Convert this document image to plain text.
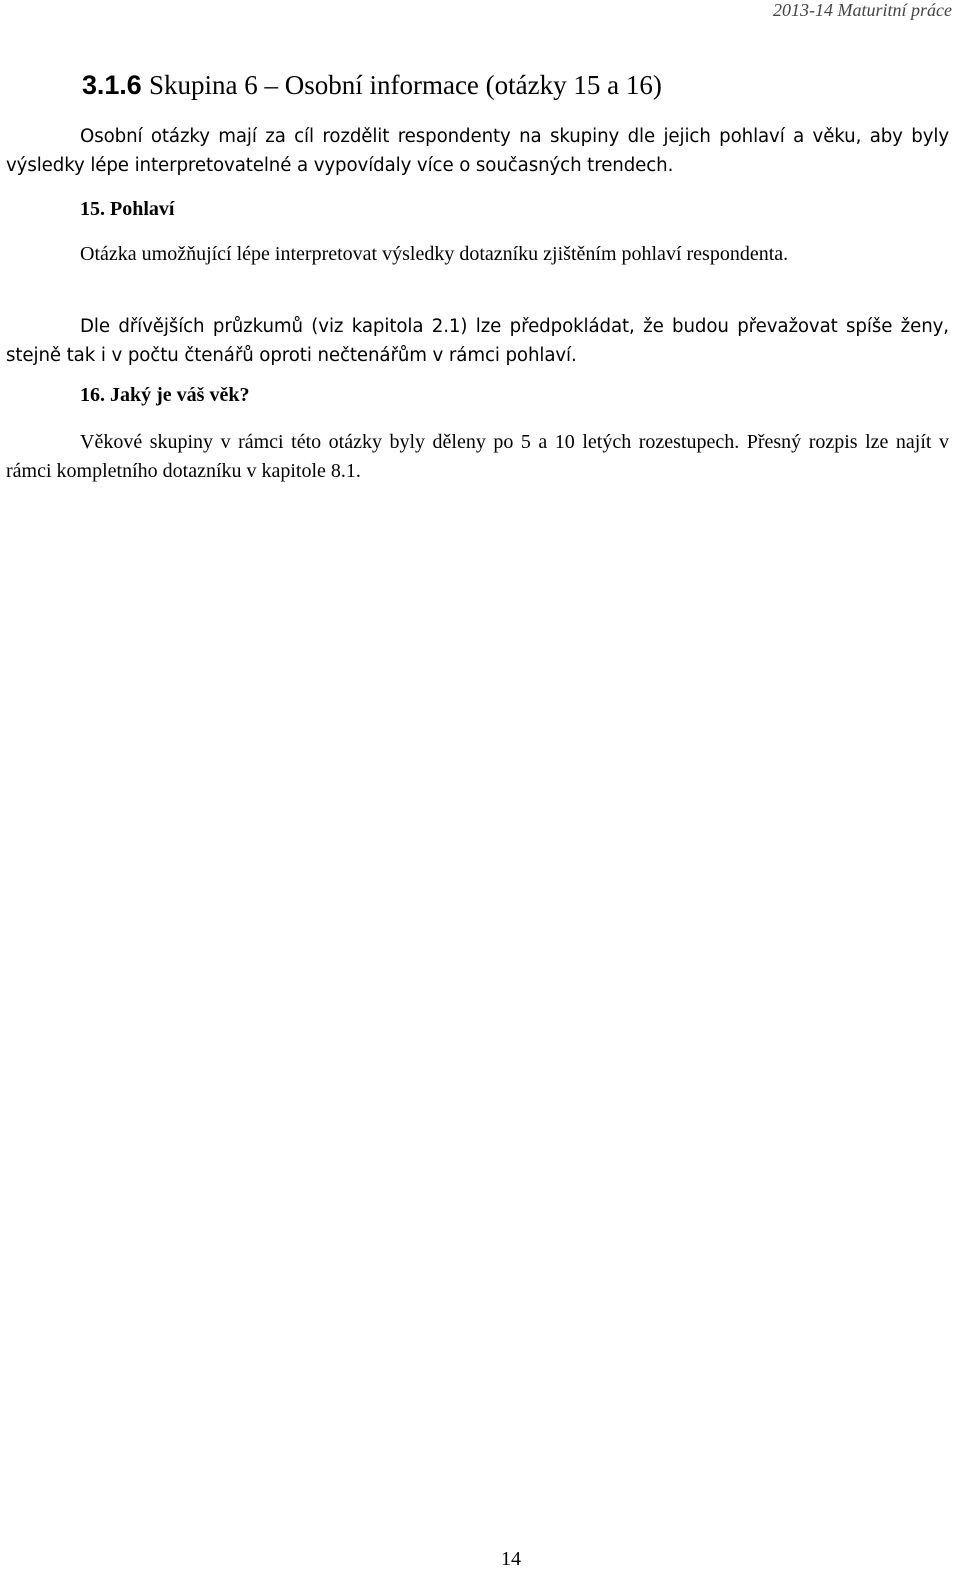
2013-14 Maturitní práce
3.1.6 Skupina 6 – Osobní informace (otázky 15 a 16)

Osobní otázky mají za cíl rozdělit respondenty na skupiny dle jejich pohlaví a věku, aby byly výsledky lépe interpretovatelné a vypovídaly více o současných trendech.

15. Pohlaví

Otázka umožňující lépe interpretovat výsledky dotazníku zjištěním pohlaví respondenta.

Dle dřívějších průzkumů (viz kapitola 2.1) lze předpokládat, že budou převažovat spíše ženy, stejně tak i v počtu čtenářů oproti nečtenářům v rámci pohlaví.

16. Jaký je váš věk?

Věkové skupiny v rámci této otázky byly děleny po 5 a 10 letých rozestupech. Přesný rozpis lze najít v rámci kompletního dotazníku v kapitole 8.1.

14
